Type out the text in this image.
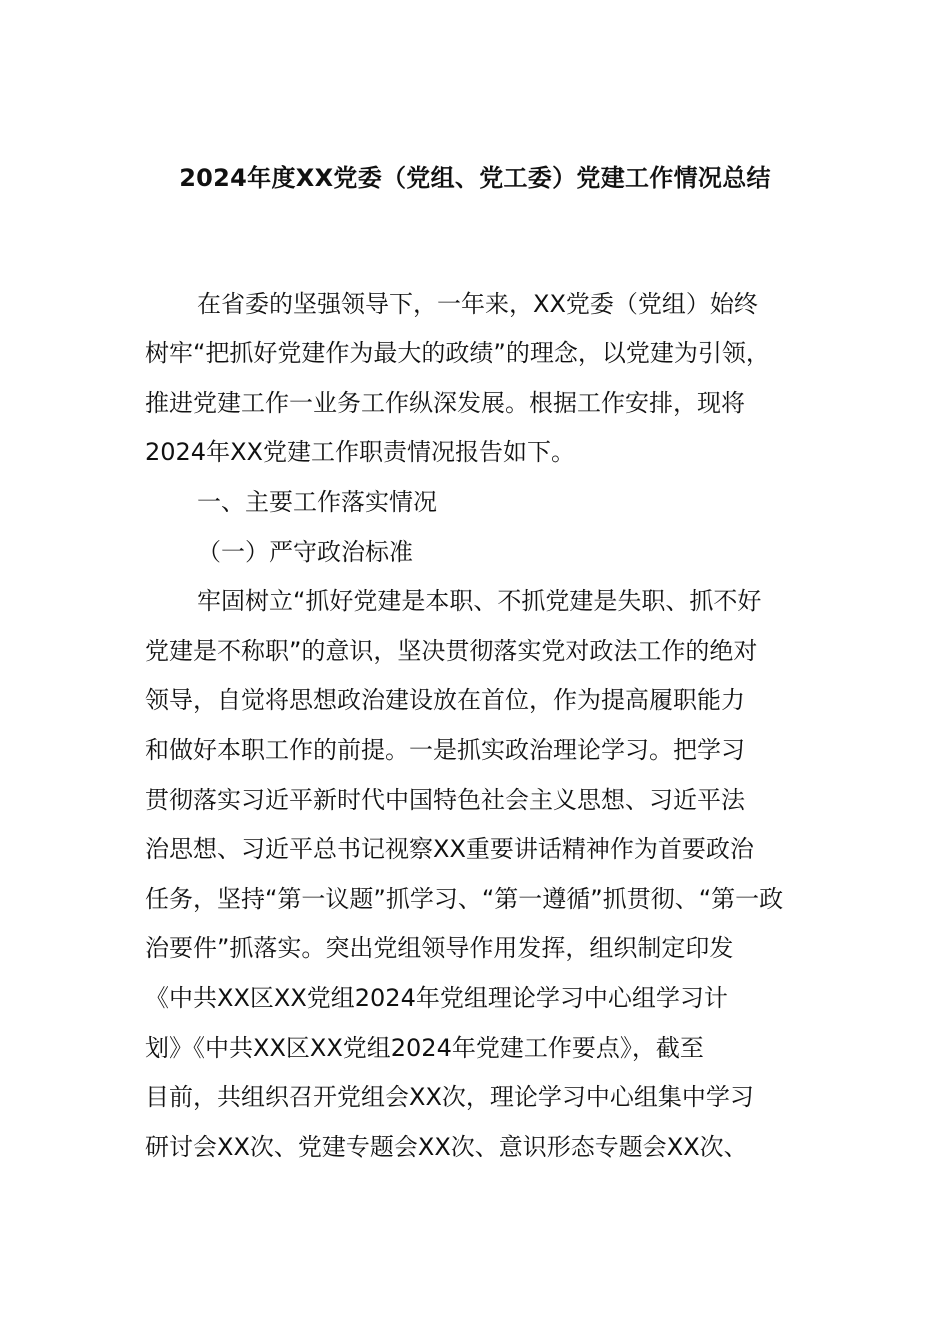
2024年度XX党委（党组、党工委）党建工作情况总结
在省委的坚强领导下，一年来，XX党委（党组）始终
树牢“把抓好党建作为最大的政绩”的理念，以党建为引领，
推进党建工作一业务工作纵深发展。根据工作安排，现将
2024年XX党建工作职责情况报告如下。
一、主要工作落实情况
（一）严守政治标准
牢固树立“抓好党建是本职、不抓党建是失职、抓不好
党建是不称职”的意识，坚决贯彻落实党对政法工作的绝对
领导，自觉将思想政治建设放在首位，作为提高履职能力
和做好本职工作的前提。一是抓实政治理论学习。把学习
贯彻落实习近平新时代中国特色社会主义思想、习近平法
治思想、习近平总书记视察XX重要讲话精神作为首要政治
任务，坚持“第一议题”抓学习、“第一遵循”抓贯彻、“第一政
治要件”抓落实。突出党组领导作用发挥，组织制定印发
《中共XX区XX党组2024年党组理论学习中心组学习计
划》《中共XX区XX党组2024年党建工作要点》，截至
目前，共组织召开党组会XX次，理论学习中心组集中学习
研讨会XX次、党建专题会XX次、意识形态专题会XX次、
